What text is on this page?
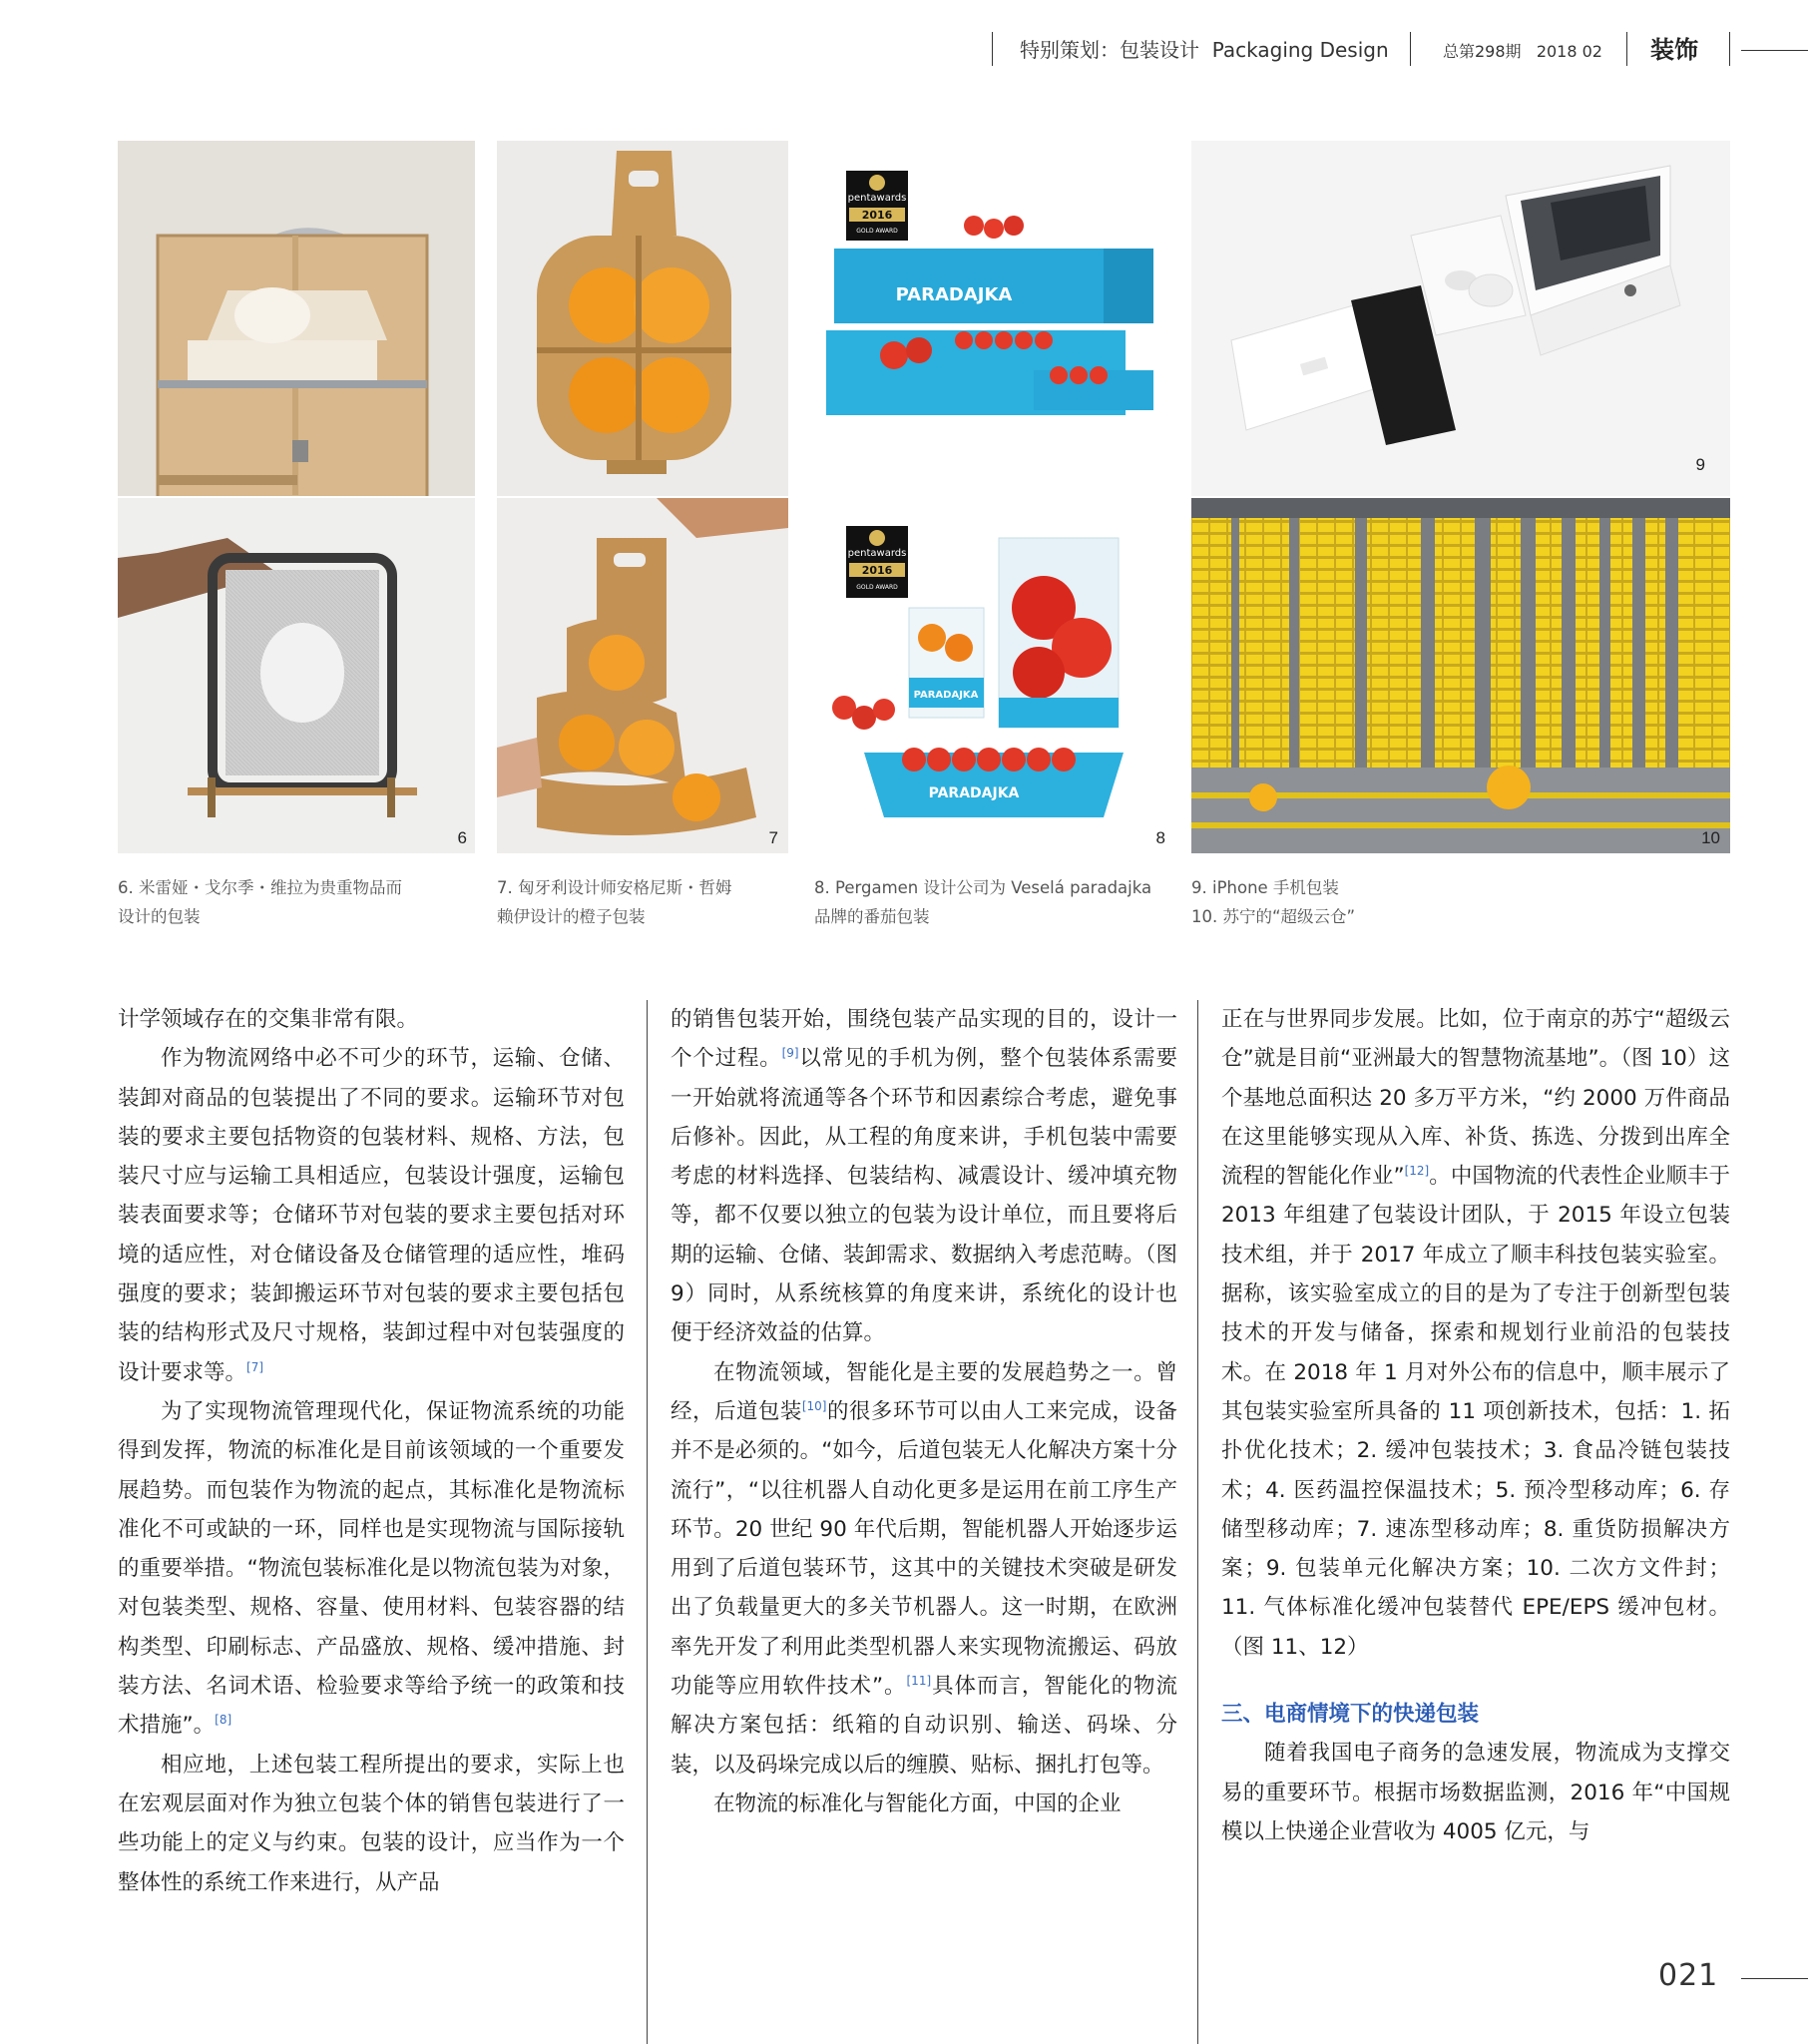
特别策划：包装设计 Packaging Design	总第298期 2018 02 装饰
pentawards
2016
GOLD AWARD
PARADAJKA
9
6	7
pentawards
2016
GOLD AWARD
PARADAJKA
PARADAJKA
8	10

6. 米雷娅・戈尔季・维拉为贵重物品而

设计的包装

7. 匈牙利设计师安格尼斯・哲姆

赖伊设计的橙子包装

8. Pergamen 设计公司为 Veselá paradajka

品牌的番茄包装

9. iPhone 手机包装

10. 苏宁的“超级云仓”

计学领域存在的交集非常有限。

作为物流网络中必不可少的环节，运输、仓储、装卸对商品的包装提出了不同的要求。运输环节对包装的要求主要包括物资的包装材料、规格、方法，包装尺寸应与运输工具相适应，包装设计强度，运输包装表面要求等；仓储环节对包装的要求主要包括对环境的适应性，对仓储设备及仓储管理的适应性，堆码强度的要求；装卸搬运环节对包装的要求主要包括包装的结构形式及尺寸规格，装卸过程中对包装强度的设计要求等。[7]

为了实现物流管理现代化，保证物流系统的功能得到发挥，物流的标准化是目前该领域的一个重要发展趋势。而包装作为物流的起点，其标准化是物流标准化不可或缺的一环，同样也是实现物流与国际接轨的重要举措。“物流包装标准化是以物流包装为对象，对包装类型、规格、容量、使用材料、包装容器的结构类型、印刷标志、产品盛放、规格、缓冲措施、封装方法、名词术语、检验要求等给予统一的政策和技术措施”。[8]

相应地，上述包装工程所提出的要求，实际上也在宏观层面对作为独立包装个体的销售包装进行了一些功能上的定义与约束。包装的设计，应当作为一个整体性的系统工作来进行，从产品

的销售包装开始，围绕包装产品实现的目的，设计一个个过程。[9]以常见的手机为例，整个包装体系需要一开始就将流通等各个环节和因素综合考虑，避免事后修补。因此，从工程的角度来讲，手机包装中需要考虑的材料选择、包装结构、减震设计、缓冲填充物等，都不仅要以独立的包装为设计单位，而且要将后期的运输、仓储、装卸需求、数据纳入考虑范畴。（图 9）同时，从系统核算的角度来讲，系统化的设计也便于经济效益的估算。

在物流领域，智能化是主要的发展趋势之一。曾经，后道包装[10]的很多环节可以由人工来完成，设备并不是必须的。“如今，后道包装无人化解决方案十分流行”，“以往机器人自动化更多是运用在前工序生产环节。20 世纪 90 年代后期，智能机器人开始逐步运用到了后道包装环节，这其中的关键技术突破是研发出了负载量更大的多关节机器人。这一时期，在欧洲率先开发了利用此类型机器人来实现物流搬运、码放功能等应用软件技术”。[11]具体而言，智能化的物流解决方案包括：纸箱的自动识别、输送、码垛、分装，以及码垛完成以后的缠膜、贴标、捆扎打包等。

在物流的标准化与智能化方面，中国的企业

正在与世界同步发展。比如，位于南京的苏宁“超级云仓”就是目前“亚洲最大的智慧物流基地”。（图 10）这个基地总面积达 20 多万平方米，“约 2000 万件商品在这里能够实现从入库、补货、拣选、分拨到出库全流程的智能化作业”[12]。中国物流的代表性企业顺丰于 2013 年组建了包装设计团队，于 2015 年设立包装技术组，并于 2017 年成立了顺丰科技包装实验室。据称，该实验室成立的目的是为了专注于创新型包装技术的开发与储备，探索和规划行业前沿的包装技术。在 2018 年 1 月对外公布的信息中，顺丰展示了其包装实验室所具备的 11 项创新技术，包括：1. 拓扑优化技术；2. 缓冲包装技术；3. 食品冷链包装技术；4. 医药温控保温技术；5. 预冷型移动库；6. 存储型移动库；7. 速冻型移动库；8. 重货防损解决方案；9. 包装单元化解决方案；10. 二次方文件封；11. 气体标准化缓冲包装替代 EPE/EPS 缓冲包材。（图 11、12）

三、电商情境下的快递包装

随着我国电子商务的急速发展，物流成为支撑交易的重要环节。根据市场数据监测，2016 年“中国规模以上快递企业营收为 4005 亿元，与

021
